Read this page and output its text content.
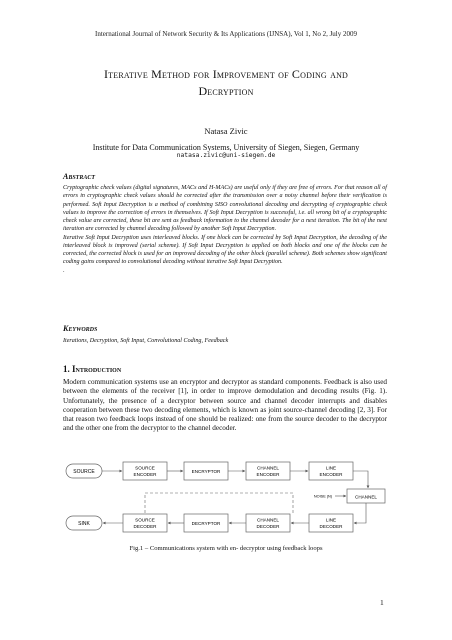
International Journal of Network Security & Its Applications (IJNSA), Vol 1, No 2, July 2009
Iterative Method for Improvement of Coding and
Decryption
Natasa Zivic
Institute for Data Communication Systems, University of Siegen, Siegen, Germany
natasa.zivic@uni-siegen.de
Abstract

Cryptographic check values (digital signatures, MACs and H-MACs) are useful only if they are free of errors. For that reason all of errors in cryptographic check values should be corrected after the transmission over a noisy channel before their verification is performed. Soft Input Decryption is a method of combining SISO convolutional decoding and decrypting of cryptographic check values to improve the correction of errors in themselves. If Soft Input Decryption is successful, i.e. all wrong bit of a cryptographic check value are corrected, these bit are sent as feedback information to the channel decoder for a next iteration. The bit of the next iteration are corrected by channel decoding followed by another Soft Input Decryption.

Iterative Soft Input Decryption uses interleaved blocks. If one block can be corrected by Soft Input Decryption, the decoding of the interleaved block is improved (serial scheme). If Soft Input Decryption is applied on both blocks and one of the blocks can be corrected, the corrected block is used for an improved decoding of the other block (parallel scheme). Both schemes show significant coding gains compared to convolutional decoding without iterative Soft Input Decryption.

.

Keywords
Iterations, Decryption, Soft Input, Convolutional Coding, Feedback
1. Introduction
Modern communication systems use an encryptor and decryptor as standard components. Feedback is also used between the elements of the receiver [1], in order to improve demodulation and decoding results (Fig. 1). Unfortunately, the presence of a decryptor between source and channel decoder interrupts and disables cooperation between these two decoding elements, which is known as joint source-channel decoding [2, 3]. For that reason two feedback loops instead of one should be realized: one from the source decoder to the decryptor and the other one from the decryptor to the channel decoder.
SOURCE
SOURCE
ENCODER
ENCRYPTOR
CHANNEL
ENCODER
LINE
ENCODER
CHANNEL
NOISE (N)
SINK
SOURCE
DECODER
DECRYPTOR
CHANNEL
DECODER
LINE
DECODER
Fig.1 – Communications system with en- decryptor using feedback loops
1
